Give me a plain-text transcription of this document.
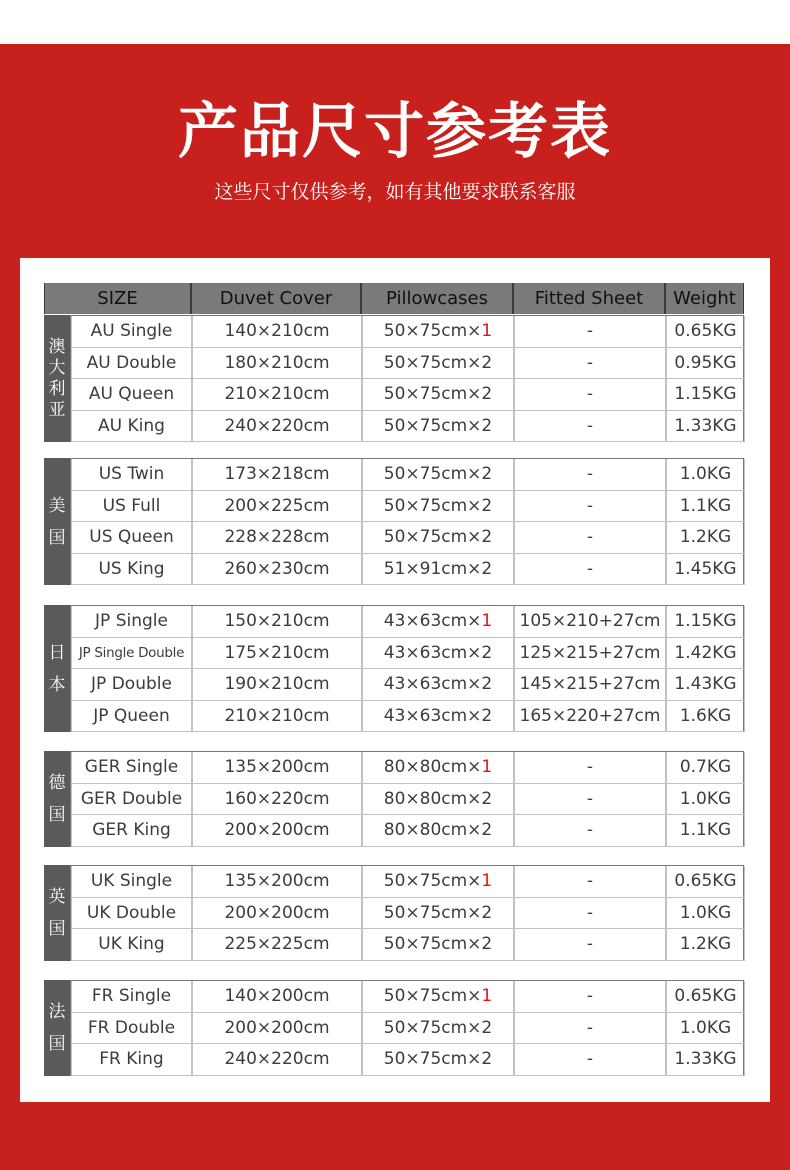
产品尺寸参考表
这些尺寸仅供参考，如有其他要求联系客服
SIZE	Duvet Cover	Pillowcases	Fitted Sheet	Weight
澳大利亚
AU Single	140×210cm	50×75cm× 1	-	0.65KG
AU Double	180×210cm	50×75cm× 2	-	0.95KG
AU Queen	210×210cm	50×75cm× 2	-	1.15KG
AU King	240×220cm	50×75cm× 2	-	1.33KG
美国
US Twin	173×218cm	50×75cm× 2	-	1.0KG
US Full	200×225cm	50×75cm× 2	-	1.1KG
US Queen	228×228cm	50×75cm× 2	-	1.2KG
US King	260×230cm	51×91cm× 2	-	1.45KG
日本
JP Single	150×210cm	43×63cm× 1	105×210+27cm 1.15KG
JP Single Double	175×210cm	43×63cm× 2	125×215+27cm 1.42KG
JP Double	190×210cm	43×63cm× 2	145×215+27cm 1.43KG
JP Queen	210×210cm	43×63cm× 2	165×220+27cm	1.6KG
德国
GER Single	135×200cm	80×80cm× 1	-	0.7KG
GER Double	160×220cm	80×80cm× 2	-	1.0KG
GER King	200×200cm	80×80cm× 2	-	1.1KG
英国
UK Single	135×200cm	50×75cm× 1	-	0.65KG
UK Double	200×200cm	50×75cm× 2	-	1.0KG
UK King	225×225cm	50×75cm× 2	-	1.2KG
法国
FR Single	140×200cm	50×75cm× 1	-	0.65KG
FR Double	200×200cm	50×75cm× 2	-	1.0KG
FR King	240×220cm	50×75cm× 2	-	1.33KG
